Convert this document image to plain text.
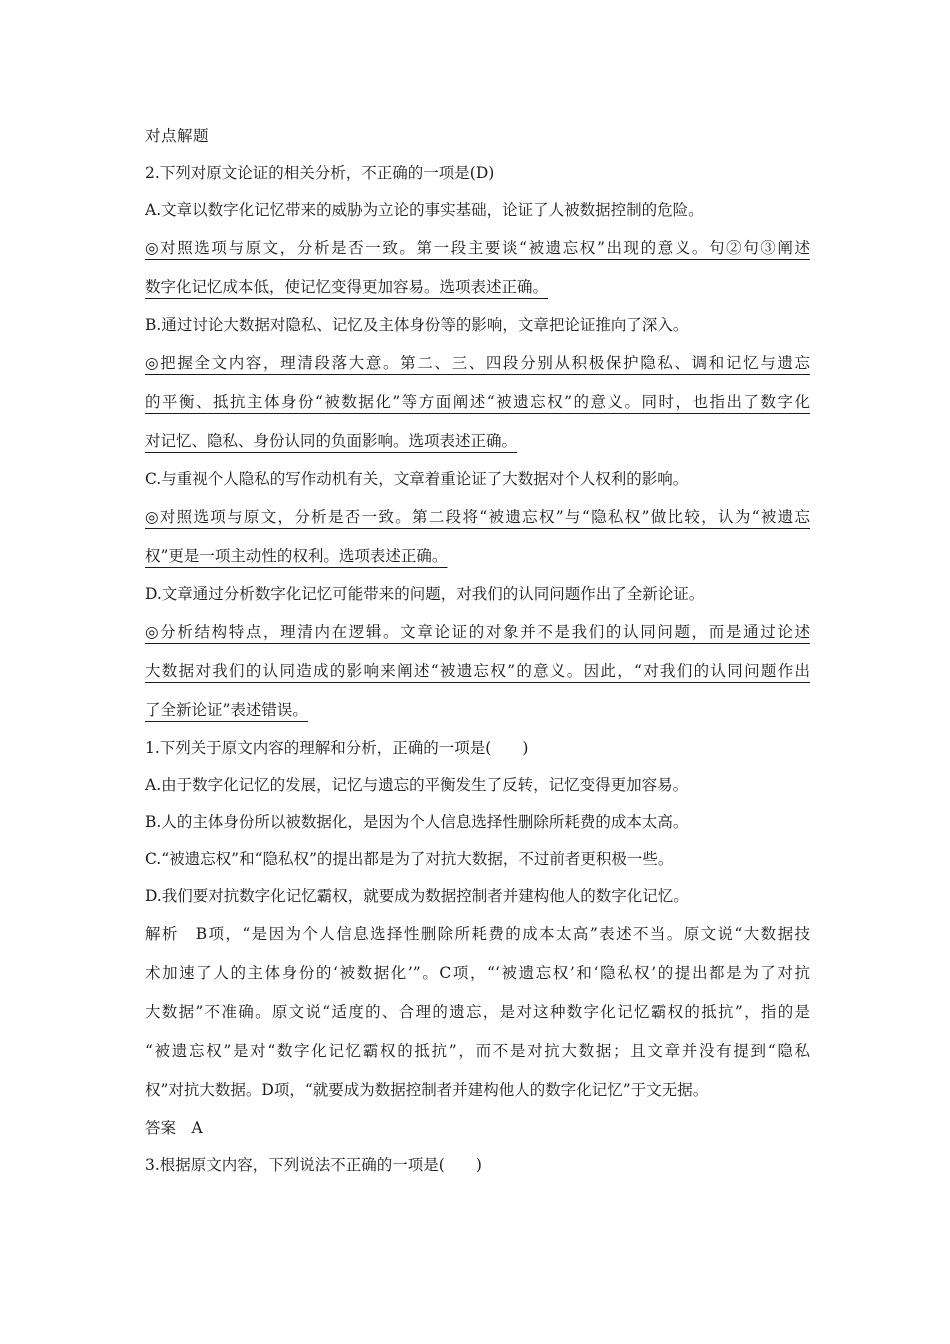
对点解题
2.下列对原文论证的相关分析，不正确的一项是(D)
A.文章以数字化记忆带来的威胁为立论的事实基础，论证了人被数据控制的危险。
◎对照选项与原文，分析是否一致。第一段主要谈“被遗忘权”出现的意义。句②句③阐述
数字化记忆成本低，使记忆变得更加容易。选项表述正确。
B.通过讨论大数据对隐私、记忆及主体身份等的影响，文章把论证推向了深入。
◎把握全文内容，理清段落大意。第二、三、四段分别从积极保护隐私、调和记忆与遗忘
的平衡、抵抗主体身份“被数据化”等方面阐述“被遗忘权”的意义。同时，也指出了数字化
对记忆、隐私、身份认同的负面影响。选项表述正确。
C.与重视个人隐私的写作动机有关，文章着重论证了大数据对个人权利的影响。
◎对照选项与原文，分析是否一致。第二段将“被遗忘权”与“隐私权”做比较，认为“被遗忘
权”更是一项主动性的权利。选项表述正确。
D.文章通过分析数字化记忆可能带来的问题，对我们的认同问题作出了全新论证。
◎分析结构特点，理清内在逻辑。文章论证的对象并不是我们的认同问题，而是通过论述
大数据对我们的认同造成的影响来阐述“被遗忘权”的意义。因此，“对我们的认同问题作出
了全新论证”表述错误。
1.下列关于原文内容的理解和分析，正确的一项是(　　)
A.由于数字化记忆的发展，记忆与遗忘的平衡发生了反转，记忆变得更加容易。
B.人的主体身份所以被数据化，是因为个人信息选择性删除所耗费的成本太高。
C.“被遗忘权”和“隐私权”的提出都是为了对抗大数据，不过前者更积极一些。
D.我们要对抗数字化记忆霸权，就要成为数据控制者并建构他人的数字化记忆。
解析　B项，“是因为个人信息选择性删除所耗费的成本太高”表述不当。原文说“大数据技
术加速了人的主体身份的‘被数据化’”。C项，“‘被遗忘权’和‘隐私权’的提出都是为了对抗
大数据”不准确。原文说“适度的、合理的遗忘，是对这种数字化记忆霸权的抵抗”，指的是
“被遗忘权”是对“数字化记忆霸权的抵抗”，而不是对抗大数据；且文章并没有提到“隐私
权”对抗大数据。D项，“就要成为数据控制者并建构他人的数字化记忆”于文无据。
答案　A
3.根据原文内容，下列说法不正确的一项是(　　)
